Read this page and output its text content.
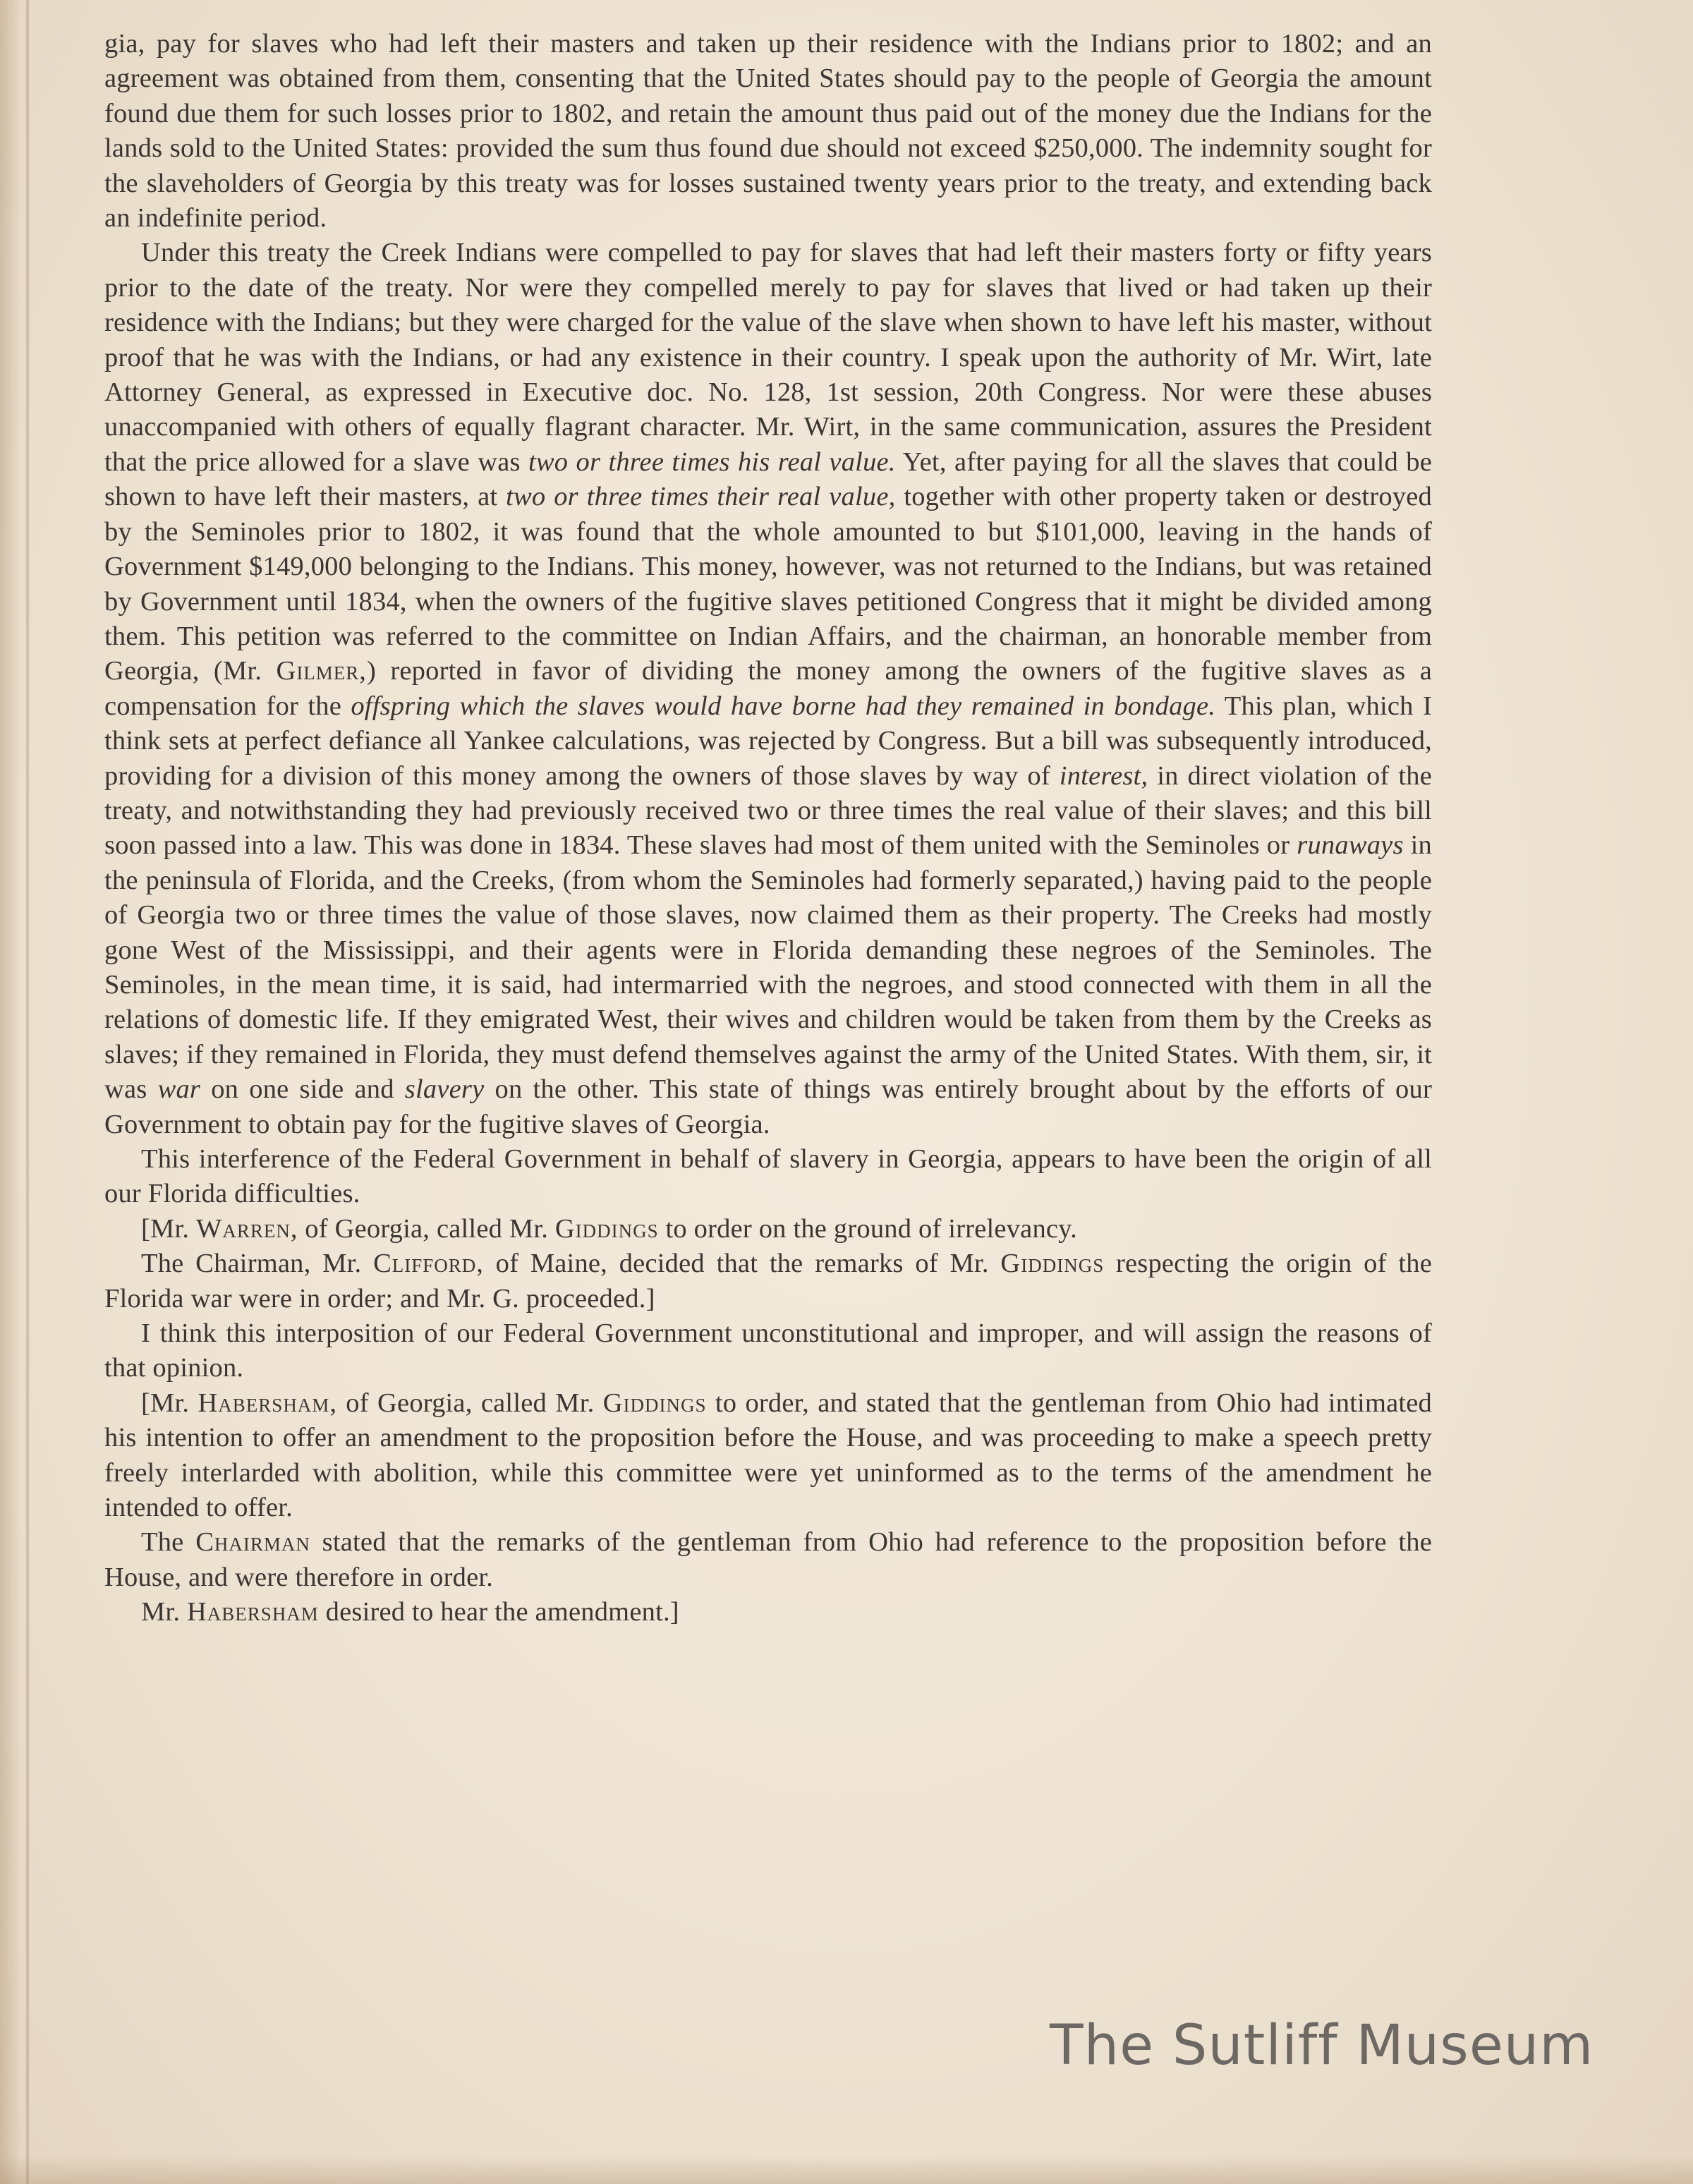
gia, pay for slaves who had left their masters and taken up their residence with the Indians prior to 1802; and an agreement was obtained from them, consenting that the United States should pay to the people of Georgia the amount found due them for such losses prior to 1802, and retain the amount thus paid out of the money due the Indians for the lands sold to the United States: provided the sum thus found due should not exceed $250,000. The indemnity sought for the slaveholders of Georgia by this treaty was for losses sustained twenty years prior to the treaty, and extending back an indefinite period.

Under this treaty the Creek Indians were compelled to pay for slaves that had left their masters forty or fifty years prior to the date of the treaty. Nor were they compelled merely to pay for slaves that lived or had taken up their residence with the Indians; but they were charged for the value of the slave when shown to have left his master, without proof that he was with the Indians, or had any existence in their country. I speak upon the authority of Mr. Wirt, late Attorney General, as expressed in Executive doc. No. 128, 1st session, 20th Congress. Nor were these abuses unaccompanied with others of equally flagrant character. Mr. Wirt, in the same communication, assures the President that the price allowed for a slave was two or three times his real value. Yet, after paying for all the slaves that could be shown to have left their masters, at two or three times their real value, together with other property taken or destroyed by the Seminoles prior to 1802, it was found that the whole amounted to but $101,000, leaving in the hands of Government $149,000 belonging to the Indians. This money, however, was not returned to the Indians, but was retained by Government until 1834, when the owners of the fugitive slaves petitioned Congress that it might be divided among them. This petition was referred to the committee on Indian Affairs, and the chairman, an honorable member from Georgia, (Mr. Gilmer,) reported in favor of dividing the money among the owners of the fugitive slaves as a compensation for the offspring which the slaves would have borne had they remained in bondage. This plan, which I think sets at perfect defiance all Yankee calculations, was rejected by Congress. But a bill was subsequently introduced, providing for a division of this money among the owners of those slaves by way of interest, in direct violation of the treaty, and notwithstanding they had previously received two or three times the real value of their slaves; and this bill soon passed into a law. This was done in 1834. These slaves had most of them united with the Seminoles or runaways in the peninsula of Florida, and the Creeks, (from whom the Seminoles had formerly separated,) having paid to the people of Georgia two or three times the value of those slaves, now claimed them as their property. The Creeks had mostly gone West of the Mississippi, and their agents were in Florida demanding these negroes of the Seminoles. The Seminoles, in the mean time, it is said, had intermarried with the negroes, and stood connected with them in all the relations of domestic life. If they emigrated West, their wives and children would be taken from them by the Creeks as slaves; if they remained in Florida, they must defend themselves against the army of the United States. With them, sir, it was war on one side and slavery on the other. This state of things was entirely brought about by the efforts of our Government to obtain pay for the fugitive slaves of Georgia.

This interference of the Federal Government in behalf of slavery in Georgia, appears to have been the origin of all our Florida difficulties.

[Mr. Warren, of Georgia, called Mr. Giddings to order on the ground of irrelevancy.

The Chairman, Mr. Clifford, of Maine, decided that the remarks of Mr. Giddings respecting the origin of the Florida war were in order; and Mr. G. proceeded.]

I think this interposition of our Federal Government unconstitutional and improper, and will assign the reasons of that opinion.

[Mr. Habersham, of Georgia, called Mr. Giddings to order, and stated that the gentleman from Ohio had intimated his intention to offer an amendment to the proposition before the House, and was proceeding to make a speech pretty freely interlarded with abolition, while this committee were yet uninformed as to the terms of the amendment he intended to offer.

The Chairman stated that the remarks of the gentleman from Ohio had reference to the proposition before the House, and were therefore in order.

Mr. Habersham desired to hear the amendment.]

The Sutliff Museum
